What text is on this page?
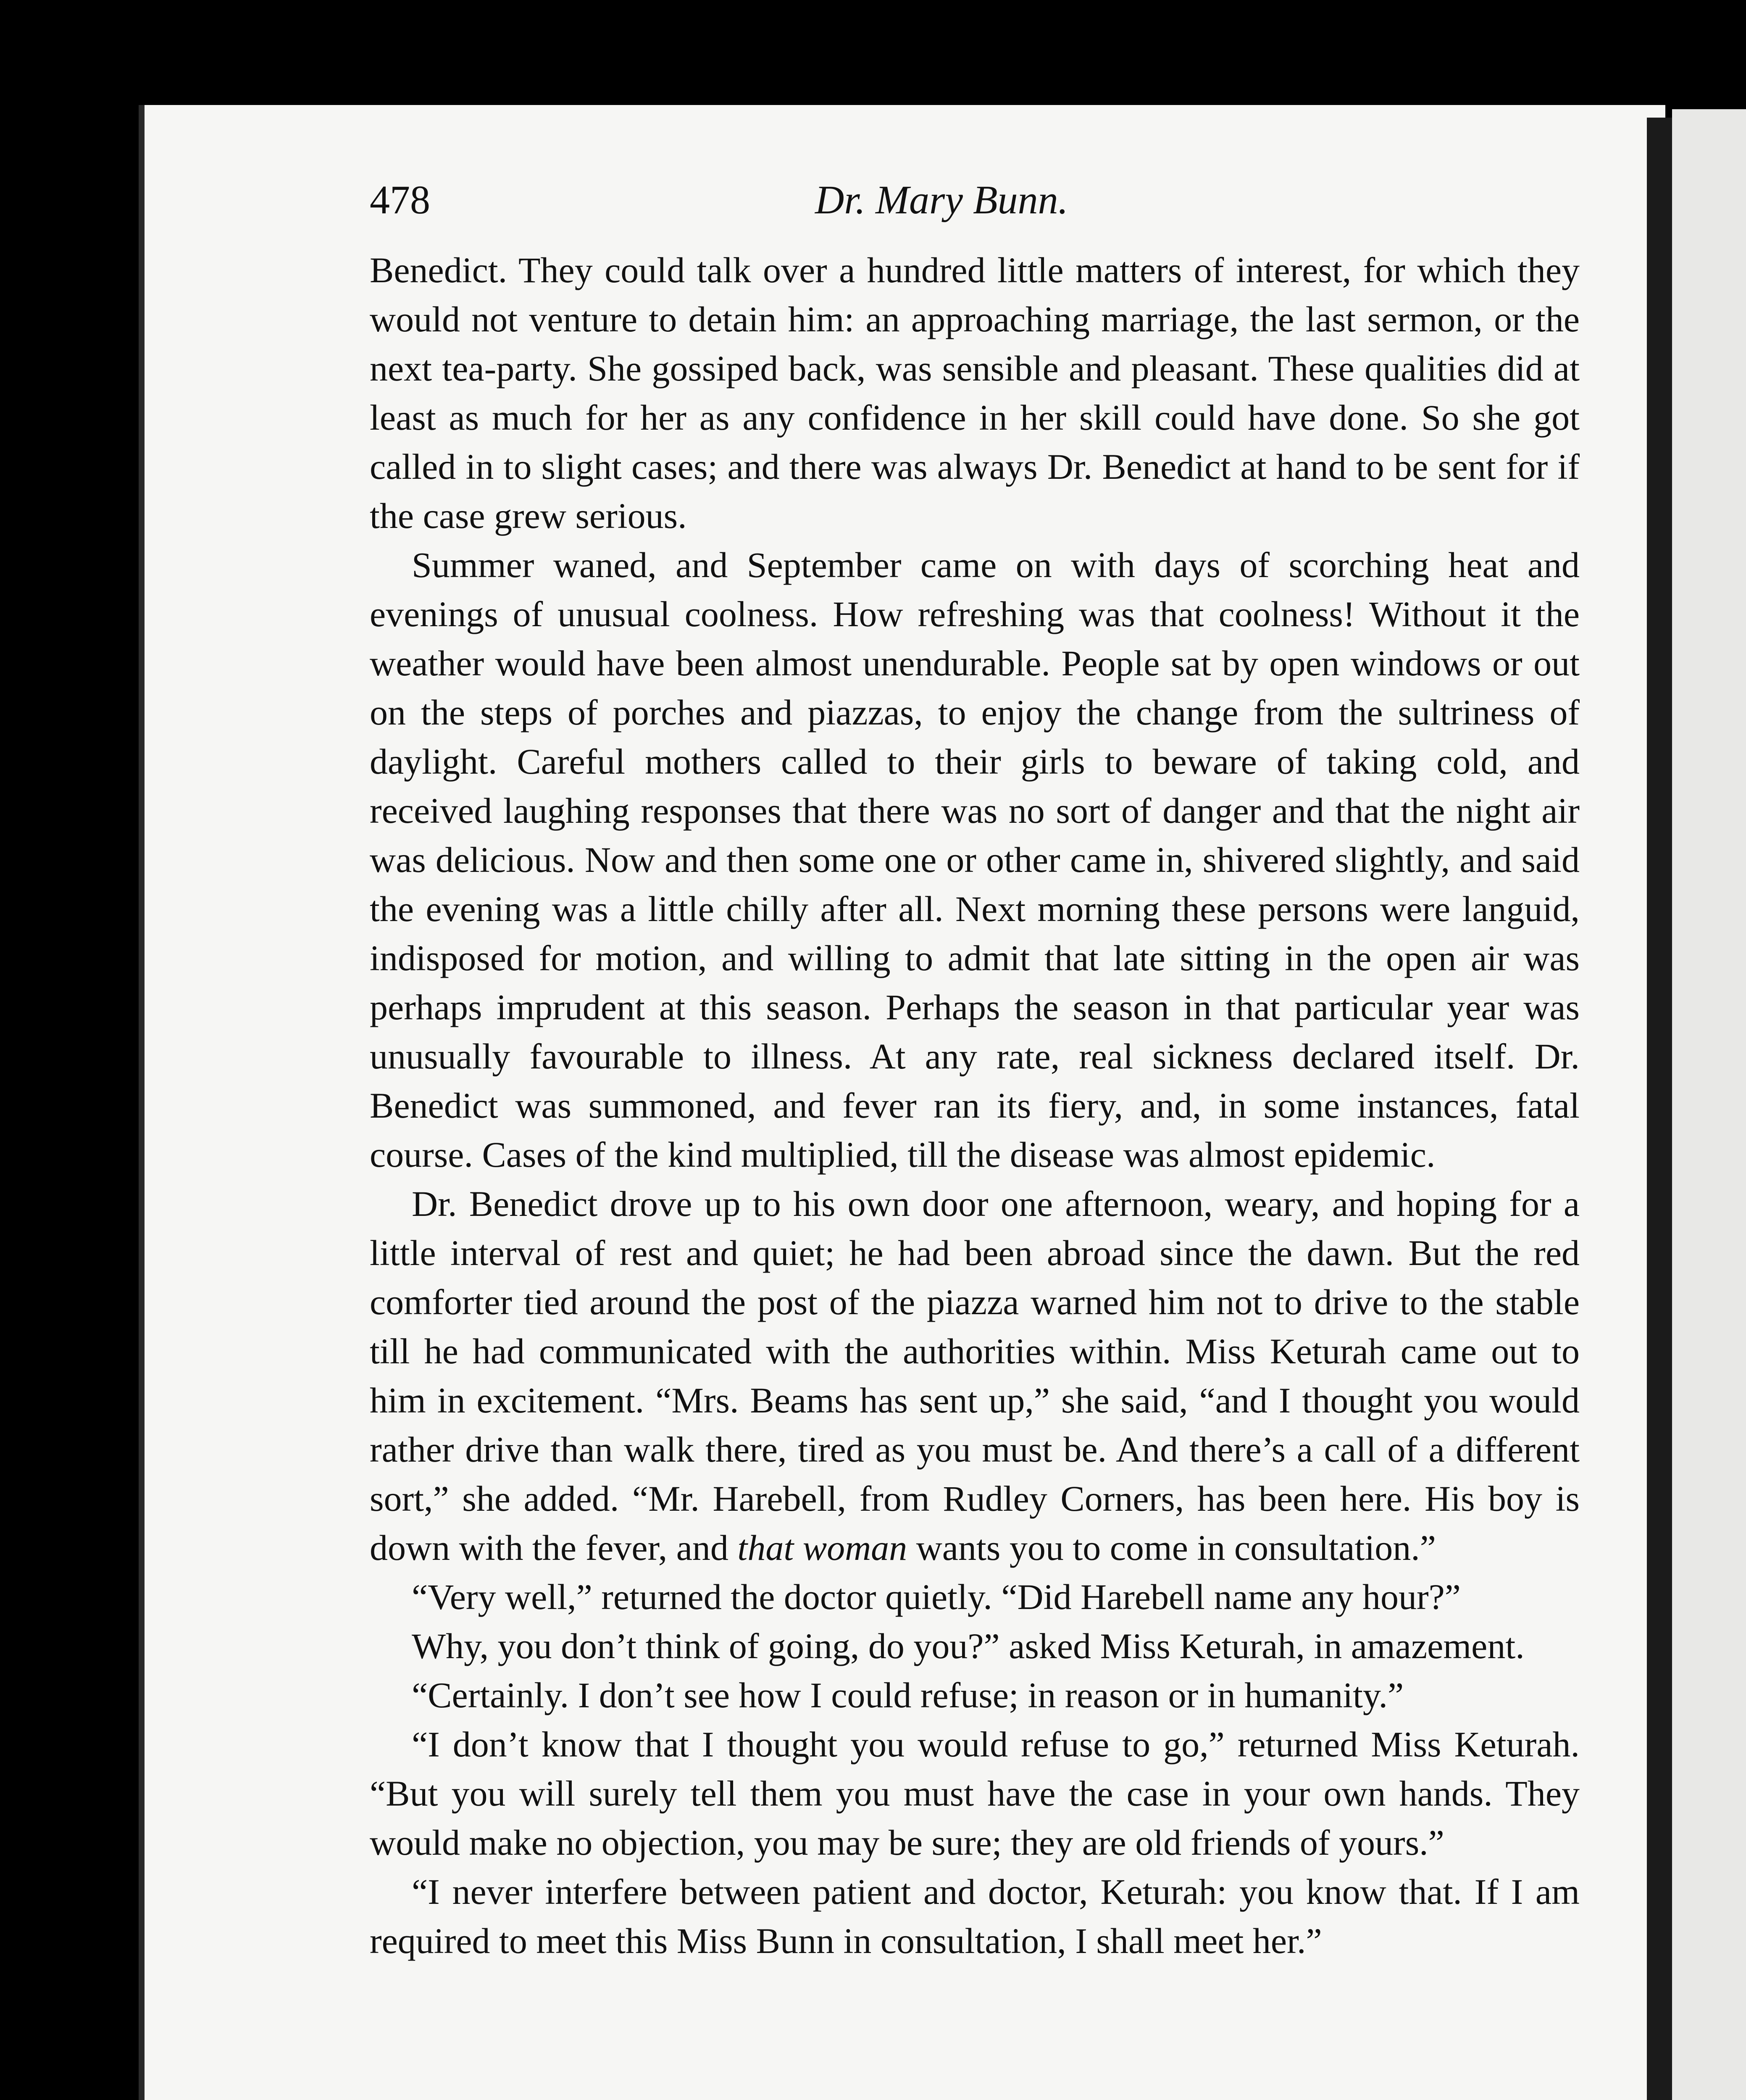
478	Dr. Mary Bunn.

Benedict. They could talk over a hundred little matters of interest, for which they would not venture to detain him: an approaching marriage, the last sermon, or the next tea-party. She gossiped back, was sensible and pleasant. These qualities did at least as much for her as any confidence in her skill could have done. So she got called in to slight cases; and there was always Dr. Benedict at hand to be sent for if the case grew serious.

Summer waned, and September came on with days of scorching heat and evenings of unusual coolness. How refreshing was that coolness! Without it the weather would have been almost unendurable. People sat by open windows or out on the steps of porches and piazzas, to enjoy the change from the sultriness of daylight. Careful mothers called to their girls to beware of taking cold, and received laughing responses that there was no sort of danger and that the night air was delicious. Now and then some one or other came in, shivered slightly, and said the evening was a little chilly after all. Next morning these persons were languid, indisposed for motion, and willing to admit that late sitting in the open air was perhaps imprudent at this season. Perhaps the season in that particular year was unusually favourable to illness. At any rate, real sickness declared itself. Dr. Benedict was summoned, and fever ran its fiery, and, in some instances, fatal course. Cases of the kind multiplied, till the disease was almost epidemic.

Dr. Benedict drove up to his own door one afternoon, weary, and hoping for a little interval of rest and quiet; he had been abroad since the dawn. But the red comforter tied around the post of the piazza warned him not to drive to the stable till he had communicated with the authorities within. Miss Keturah came out to him in excitement. “Mrs. Beams has sent up,” she said, “and I thought you would rather drive than walk there, tired as you must be. And there’s a call of a different sort,” she added. “Mr. Harebell, from Rudley Corners, has been here. His boy is down with the fever, and that woman wants you to come in consultation.”

“Very well,” returned the doctor quietly. “Did Harebell name any hour?”

Why, you don’t think of going, do you?” asked Miss Keturah, in amazement.

“Certainly. I don’t see how I could refuse; in reason or in humanity.”

“I don’t know that I thought you would refuse to go,” returned Miss Keturah. “But you will surely tell them you must have the case in your own hands. They would make no objection, you may be sure; they are old friends of yours.”

“I never interfere between patient and doctor, Keturah: you know that. If I am required to meet this Miss Bunn in consultation, I shall meet her.”
